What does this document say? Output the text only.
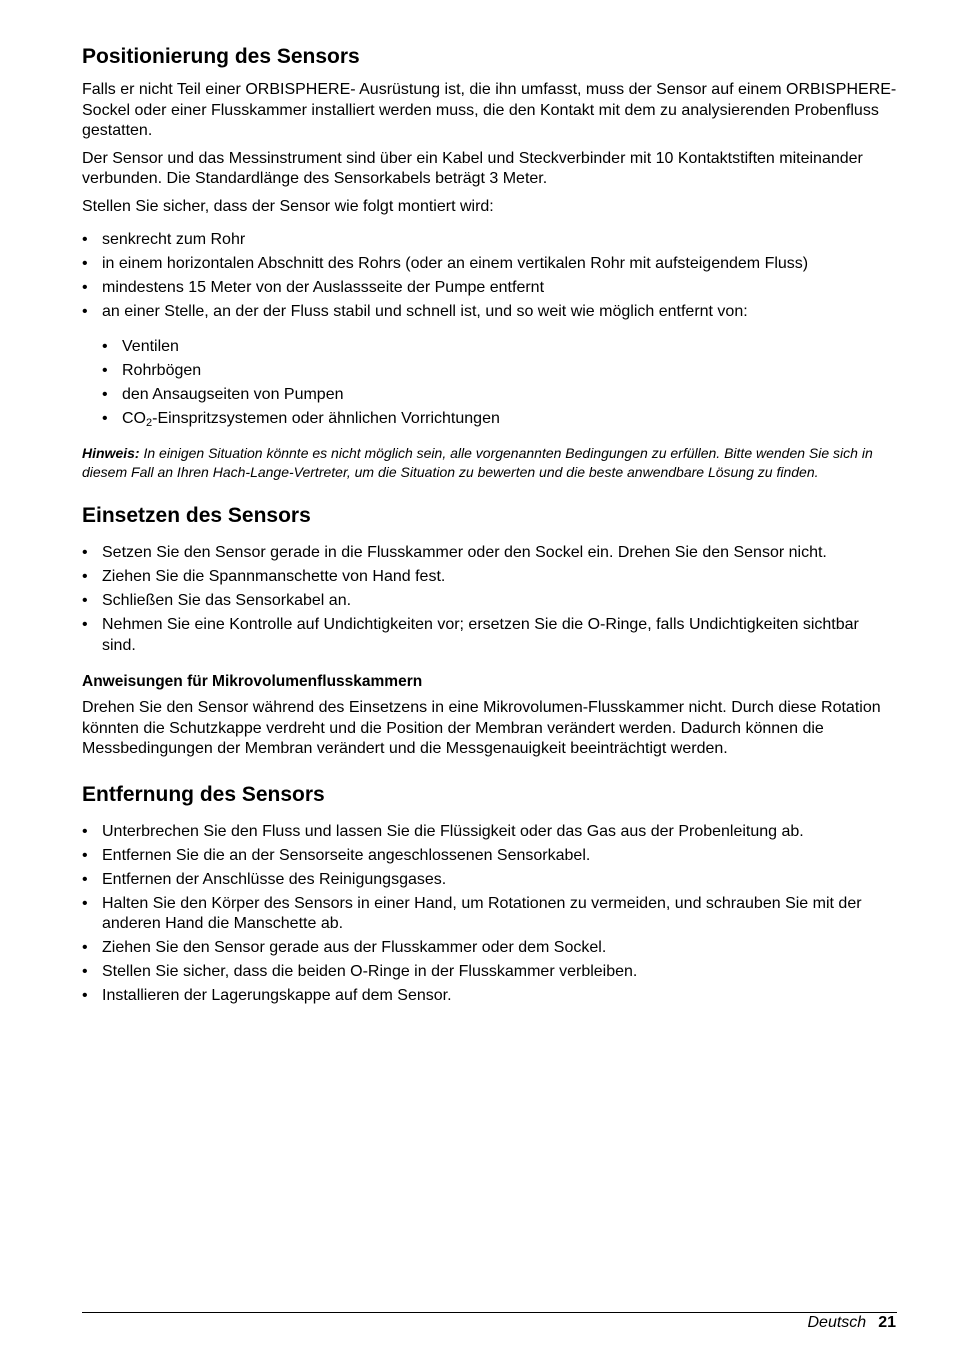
Positionierung des Sensors

Falls er nicht Teil einer ORBISPHERE- Ausrüstung ist, die ihn umfasst, muss der Sensor auf einem ORBISPHERE-Sockel oder einer Flusskammer installiert werden muss, die den Kontakt mit dem zu analysierenden Probenfluss gestatten.

Der Sensor und das Messinstrument sind über ein Kabel und Steckverbinder mit 10 Kontaktstiften miteinander verbunden. Die Standardlänge des Sensorkabels beträgt 3 Meter.

Stellen Sie sicher, dass der Sensor wie folgt montiert wird:

• senkrecht zum Rohr
• in einem horizontalen Abschnitt des Rohrs (oder an einem vertikalen Rohr mit aufsteigendem Fluss)
• mindestens 15 Meter von der Auslassseite der Pumpe entfernt
• an einer Stelle, an der der Fluss stabil und schnell ist, und so weit wie möglich entfernt von:
• Ventilen
• Rohrbögen
• den Ansaugseiten von Pumpen
• $CO_2$-Einspritzsystemen oder ähnlichen Vorrichtungen

Hinweis: In einigen Situation könnte es nicht möglich sein, alle vorgenannten Bedingungen zu erfüllen. Bitte wenden Sie sich in diesem Fall an Ihren Hach-Lange-Vertreter, um die Situation zu bewerten und die beste anwendbare Lösung zu finden.

Einsetzen des Sensors
• Setzen Sie den Sensor gerade in die Flusskammer oder den Sockel ein. Drehen Sie den Sensor nicht.
• Ziehen Sie die Spannmanschette von Hand fest.
• Schließen Sie das Sensorkabel an.
• Nehmen Sie eine Kontrolle auf Undichtigkeiten vor; ersetzen Sie die O-Ringe, falls Undichtigkeiten sichtbar sind.
Anweisungen für Mikrovolumenflusskammern

Drehen Sie den Sensor während des Einsetzens in eine Mikrovolumen-Flusskammer nicht. Durch diese Rotation könnten die Schutzkappe verdreht und die Position der Membran verändert werden. Dadurch können die Messbedingungen der Membran verändert und die Messgenauigkeit beeinträchtigt werden.

Entfernung des Sensors
• Unterbrechen Sie den Fluss und lassen Sie die Flüssigkeit oder das Gas aus der Probenleitung ab.
• Entfernen Sie die an der Sensorseite angeschlossenen Sensorkabel.
• Entfernen der Anschlüsse des Reinigungsgases.
• Halten Sie den Körper des Sensors in einer Hand, um Rotationen zu vermeiden, und schrauben Sie mit der anderen Hand die Manschette ab.
• Ziehen Sie den Sensor gerade aus der Flusskammer oder dem Sockel.
• Stellen Sie sicher, dass die beiden O-Ringe in der Flusskammer verbleiben.
• Installieren der Lagerungskappe auf dem Sensor.
Deutsch 21
